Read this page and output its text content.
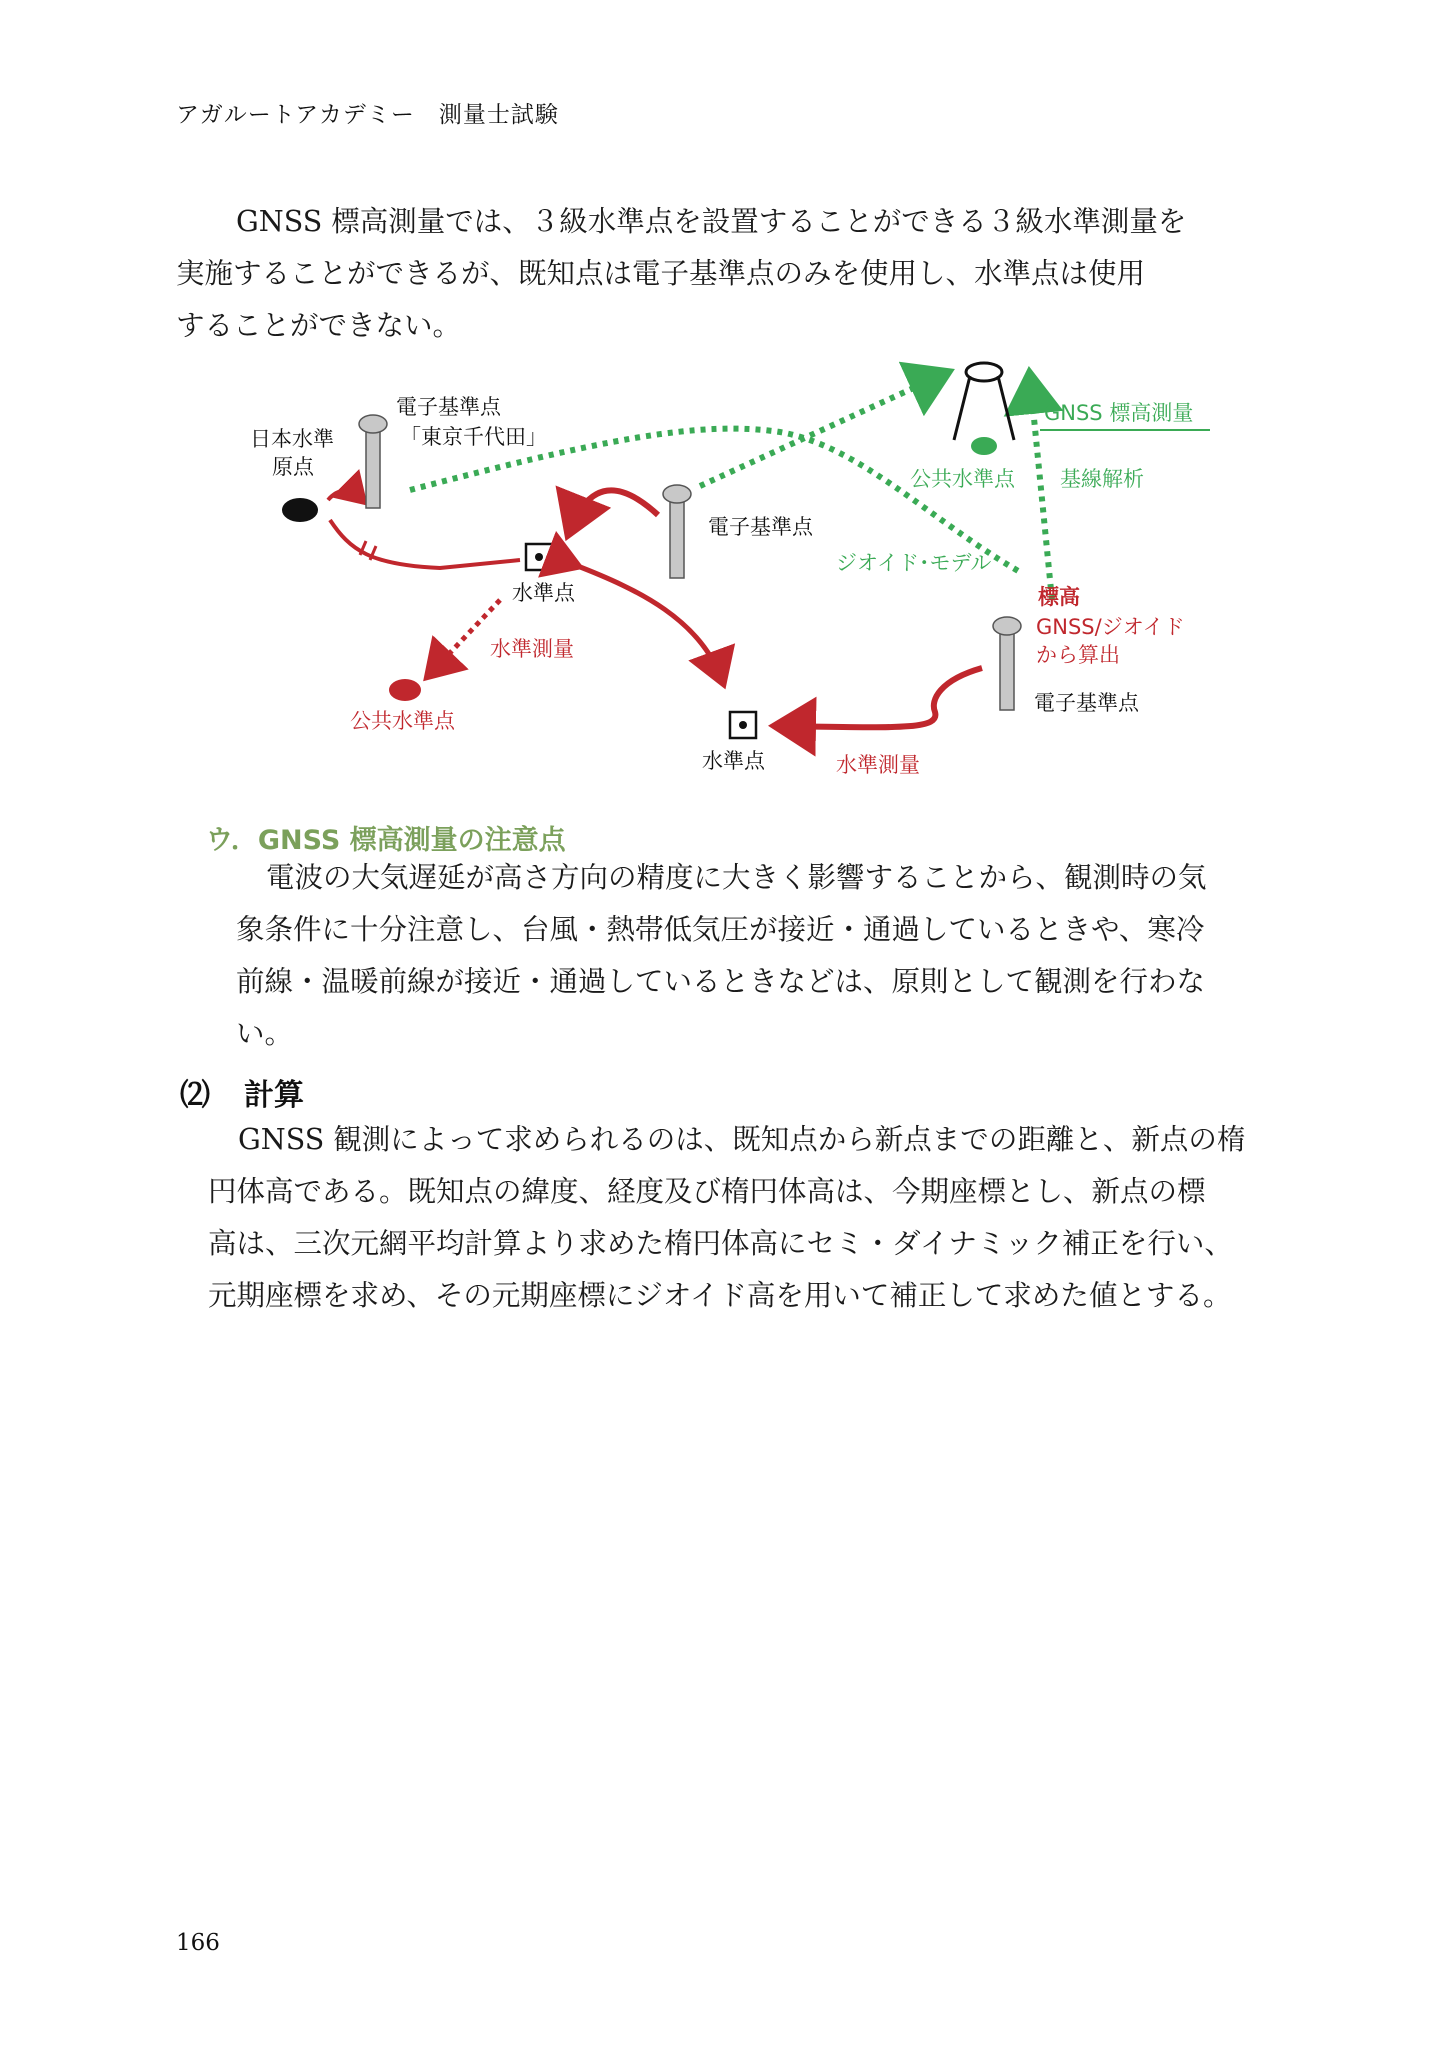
アガルートアカデミー　測量士試験
GNSS 標高測量では、３級水準点を設置することができる３級水準測量を
実施することができるが、既知点は電子基準点のみを使用し、水準点は使用
することができない。
日本水準
原点
電子基準点
「東京千代田」
GNSS 標高測量
公共水準点 基線解析
電子基準点
ジオイド･モデル
水準点	標高
GNSS/ジオイド
から算出
水準測量
電子基準点
公共水準点
水準点	水準測量
ウ．GNSS 標高測量の注意点
電波の大気遅延が高さ方向の精度に大きく影響することから、観測時の気
象条件に十分注意し、台風・熱帯低気圧が接近・通過しているときや、寒冷
前線・温暖前線が接近・通過しているときなどは、原則として観測を行わな
い。
⑵ 計算
GNSS 観測によって求められるのは、既知点から新点までの距離と、新点の楕
円体高である。既知点の緯度、経度及び楕円体高は、今期座標とし、新点の標
高は、三次元網平均計算より求めた楕円体高にセミ・ダイナミック補正を行い、
元期座標を求め、その元期座標にジオイド高を用いて補正して求めた値とする。
166
